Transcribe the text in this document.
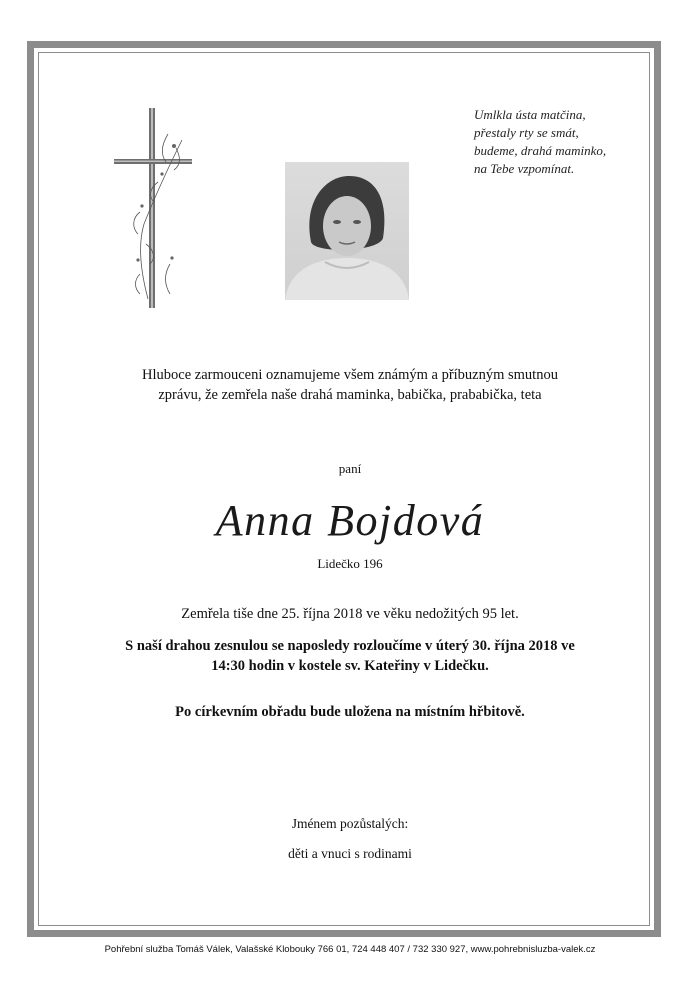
Umlkla ústa matčina,
přestaly rty se smát,
budeme, drahá maminko,
na Tebe vzpomínat.
Hluboce zarmouceni oznamujeme všem známým a příbuzným smutnou
zprávu, že zemřela naše drahá maminka, babička, prababička, teta
paní
Anna Bojdová
Lidečko 196
Zemřela tiše dne 25. října 2018 ve věku nedožitých 95 let.
S naší drahou zesnulou se naposledy rozloučíme v úterý 30. října 2018 ve
14:30 hodin v kostele sv. Kateřiny v Lidečku.
Po církevním obřadu bude uložena na místním hřbitově.
Jménem pozůstalých:
děti a vnuci s rodinami
Pohřební služba Tomáš Válek, Valašské Klobouky 766 01, 724 448 407 / 732 330 927, www.pohrebnisluzba-valek.cz
